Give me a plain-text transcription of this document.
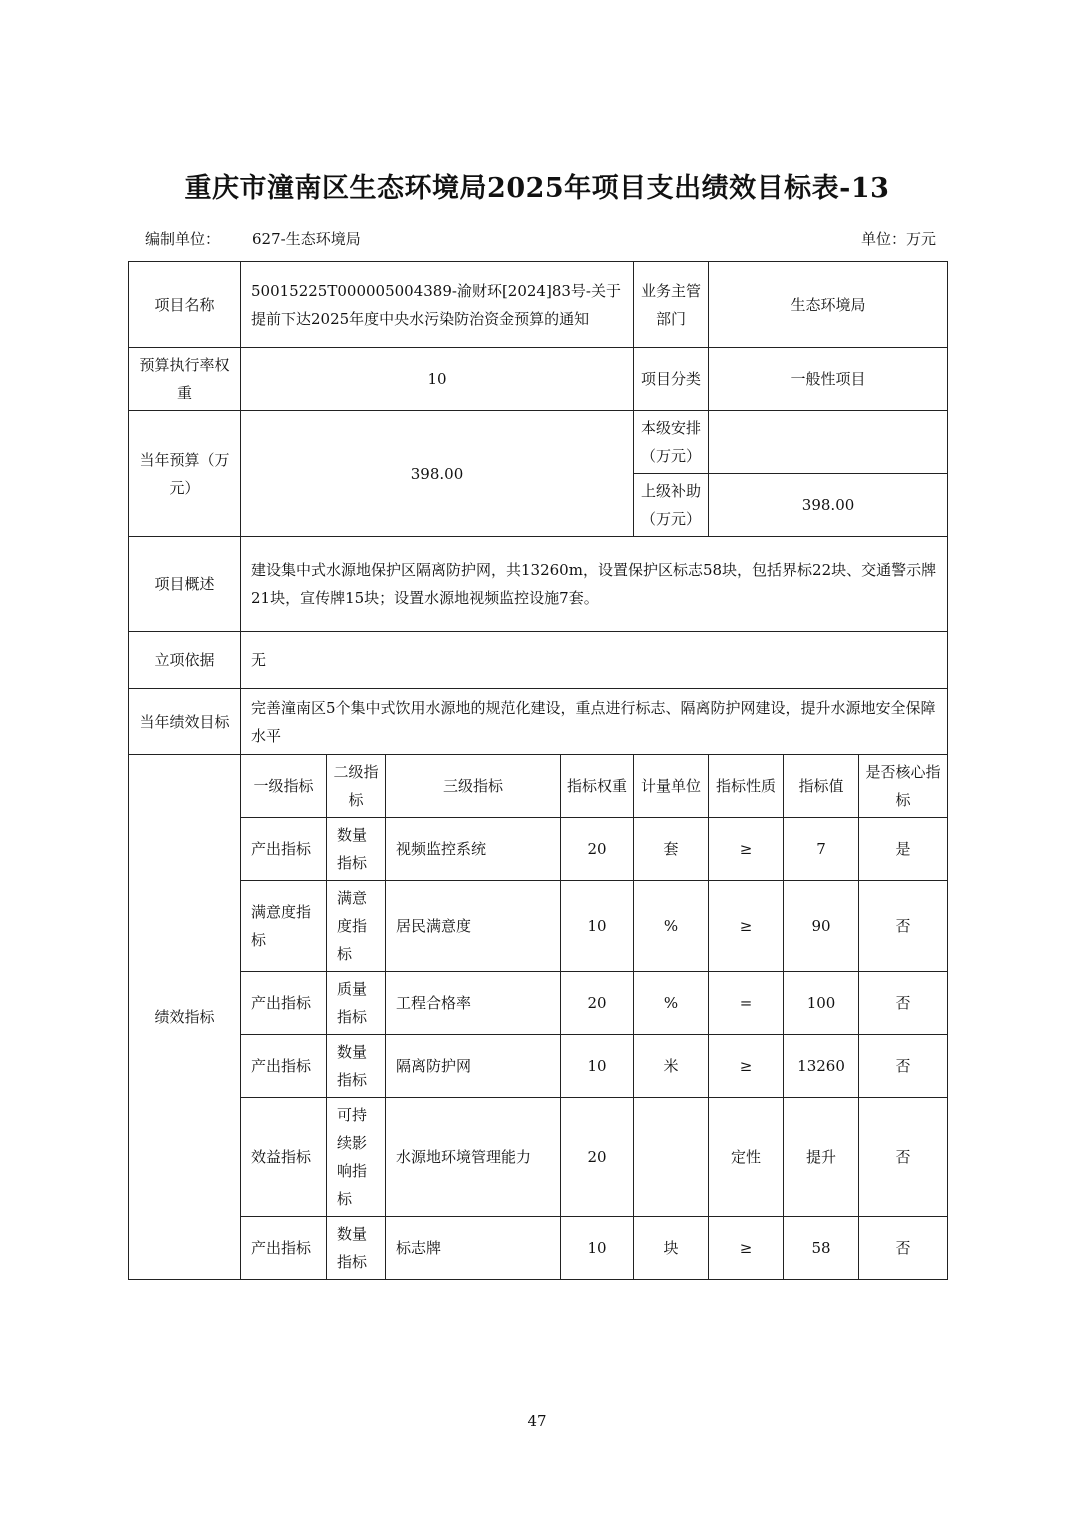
重庆市潼南区生态环境局2025年项目支出绩效目标表-13
编制单位： 627-生态环境局	单位：万元
项目名称	50015225T000005004389-渝财环[2024]83号-关于提前下达2025年度中央水污染防治资金预算的通知				业务主管部门	生态环境局		
预算执行率权重	10				项目分类	一般性项目		
当年预算（万元）	398.00				本级安排（万元）			
					上级补助（万元）	398.00		
项目概述	建设集中式水源地保护区隔离防护网，共13260m，设置保护区标志58块，包括界标22块、交通警示牌21块，宣传牌15块；设置水源地视频监控设施7套。							
立项依据	无							
当年绩效目标	完善潼南区5个集中式饮用水源地的规范化建设，重点进行标志、隔离防护网建设，提升水源地安全保障水平							
绩效指标	一级指标	二级指标	三级指标	指标权重	计量单位	指标性质	指标值	是否核心指标
	产出指标	数量指标	视频监控系统	20	套	≥	7	是
	满意度指标	满意度指标	居民满意度	10	%	≥	90	否
	产出指标	质量指标	工程合格率	20	%	=	100	否
	产出指标	数量指标	隔离防护网	10	米	≥	13260	否
	效益指标	可持续影响指标	水源地环境管理能力	20		定性	提升	否
	产出指标	数量指标	标志牌	10	块	≥	58	否
47
